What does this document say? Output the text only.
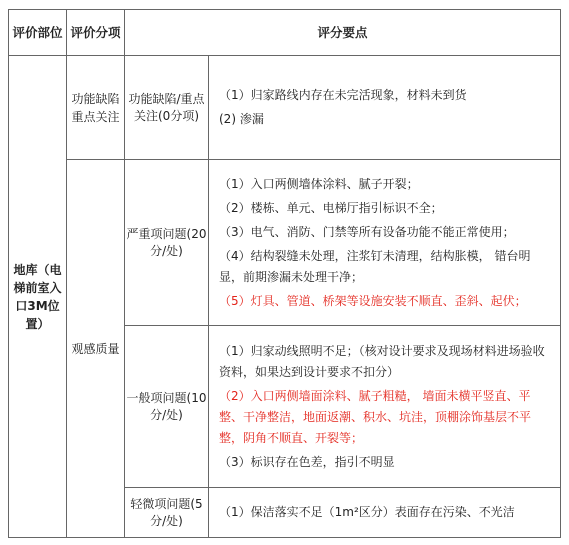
评价部位	评价分项	评分要点	
地库（电梯前室入口3M位置）	功能缺陷重点关注	功能缺陷/重点关注(0分项)	（1）归家路线内存在未完活现象，材料未到货

(2) 渗漏

	观感质量	严重项问题(20分/处)	（1）入口两侧墙体涂料、腻子开裂；

（2）楼栋、单元、电梯厅指引标识不全；

（3）电气、消防、门禁等所有设备功能不能正常使用；

（4）结构裂缝未处理，注浆钉未清理，结构胀模， 错台明显，前期渗漏未处理干净；

（5）灯具、管道、桥架等设施安装不顺直、歪斜、起伏；

		一般项问题(10分/处)	（1）归家动线照明不足；（核对设计要求及现场材料进场验收资料，如果达到设计要求不扣分）

（2）入口两侧墙面涂料、腻子粗糙， 墙面未横平竖直、平整、干净整洁，地面返潮、积水、坑洼，顶棚涂饰基层不平整，阴角不顺直、开裂等；

（3）标识存在色差，指引不明显

		轻微项问题(5分/处)	（1）保洁落实不足（1m²区分）表面存在污染、不光洁
